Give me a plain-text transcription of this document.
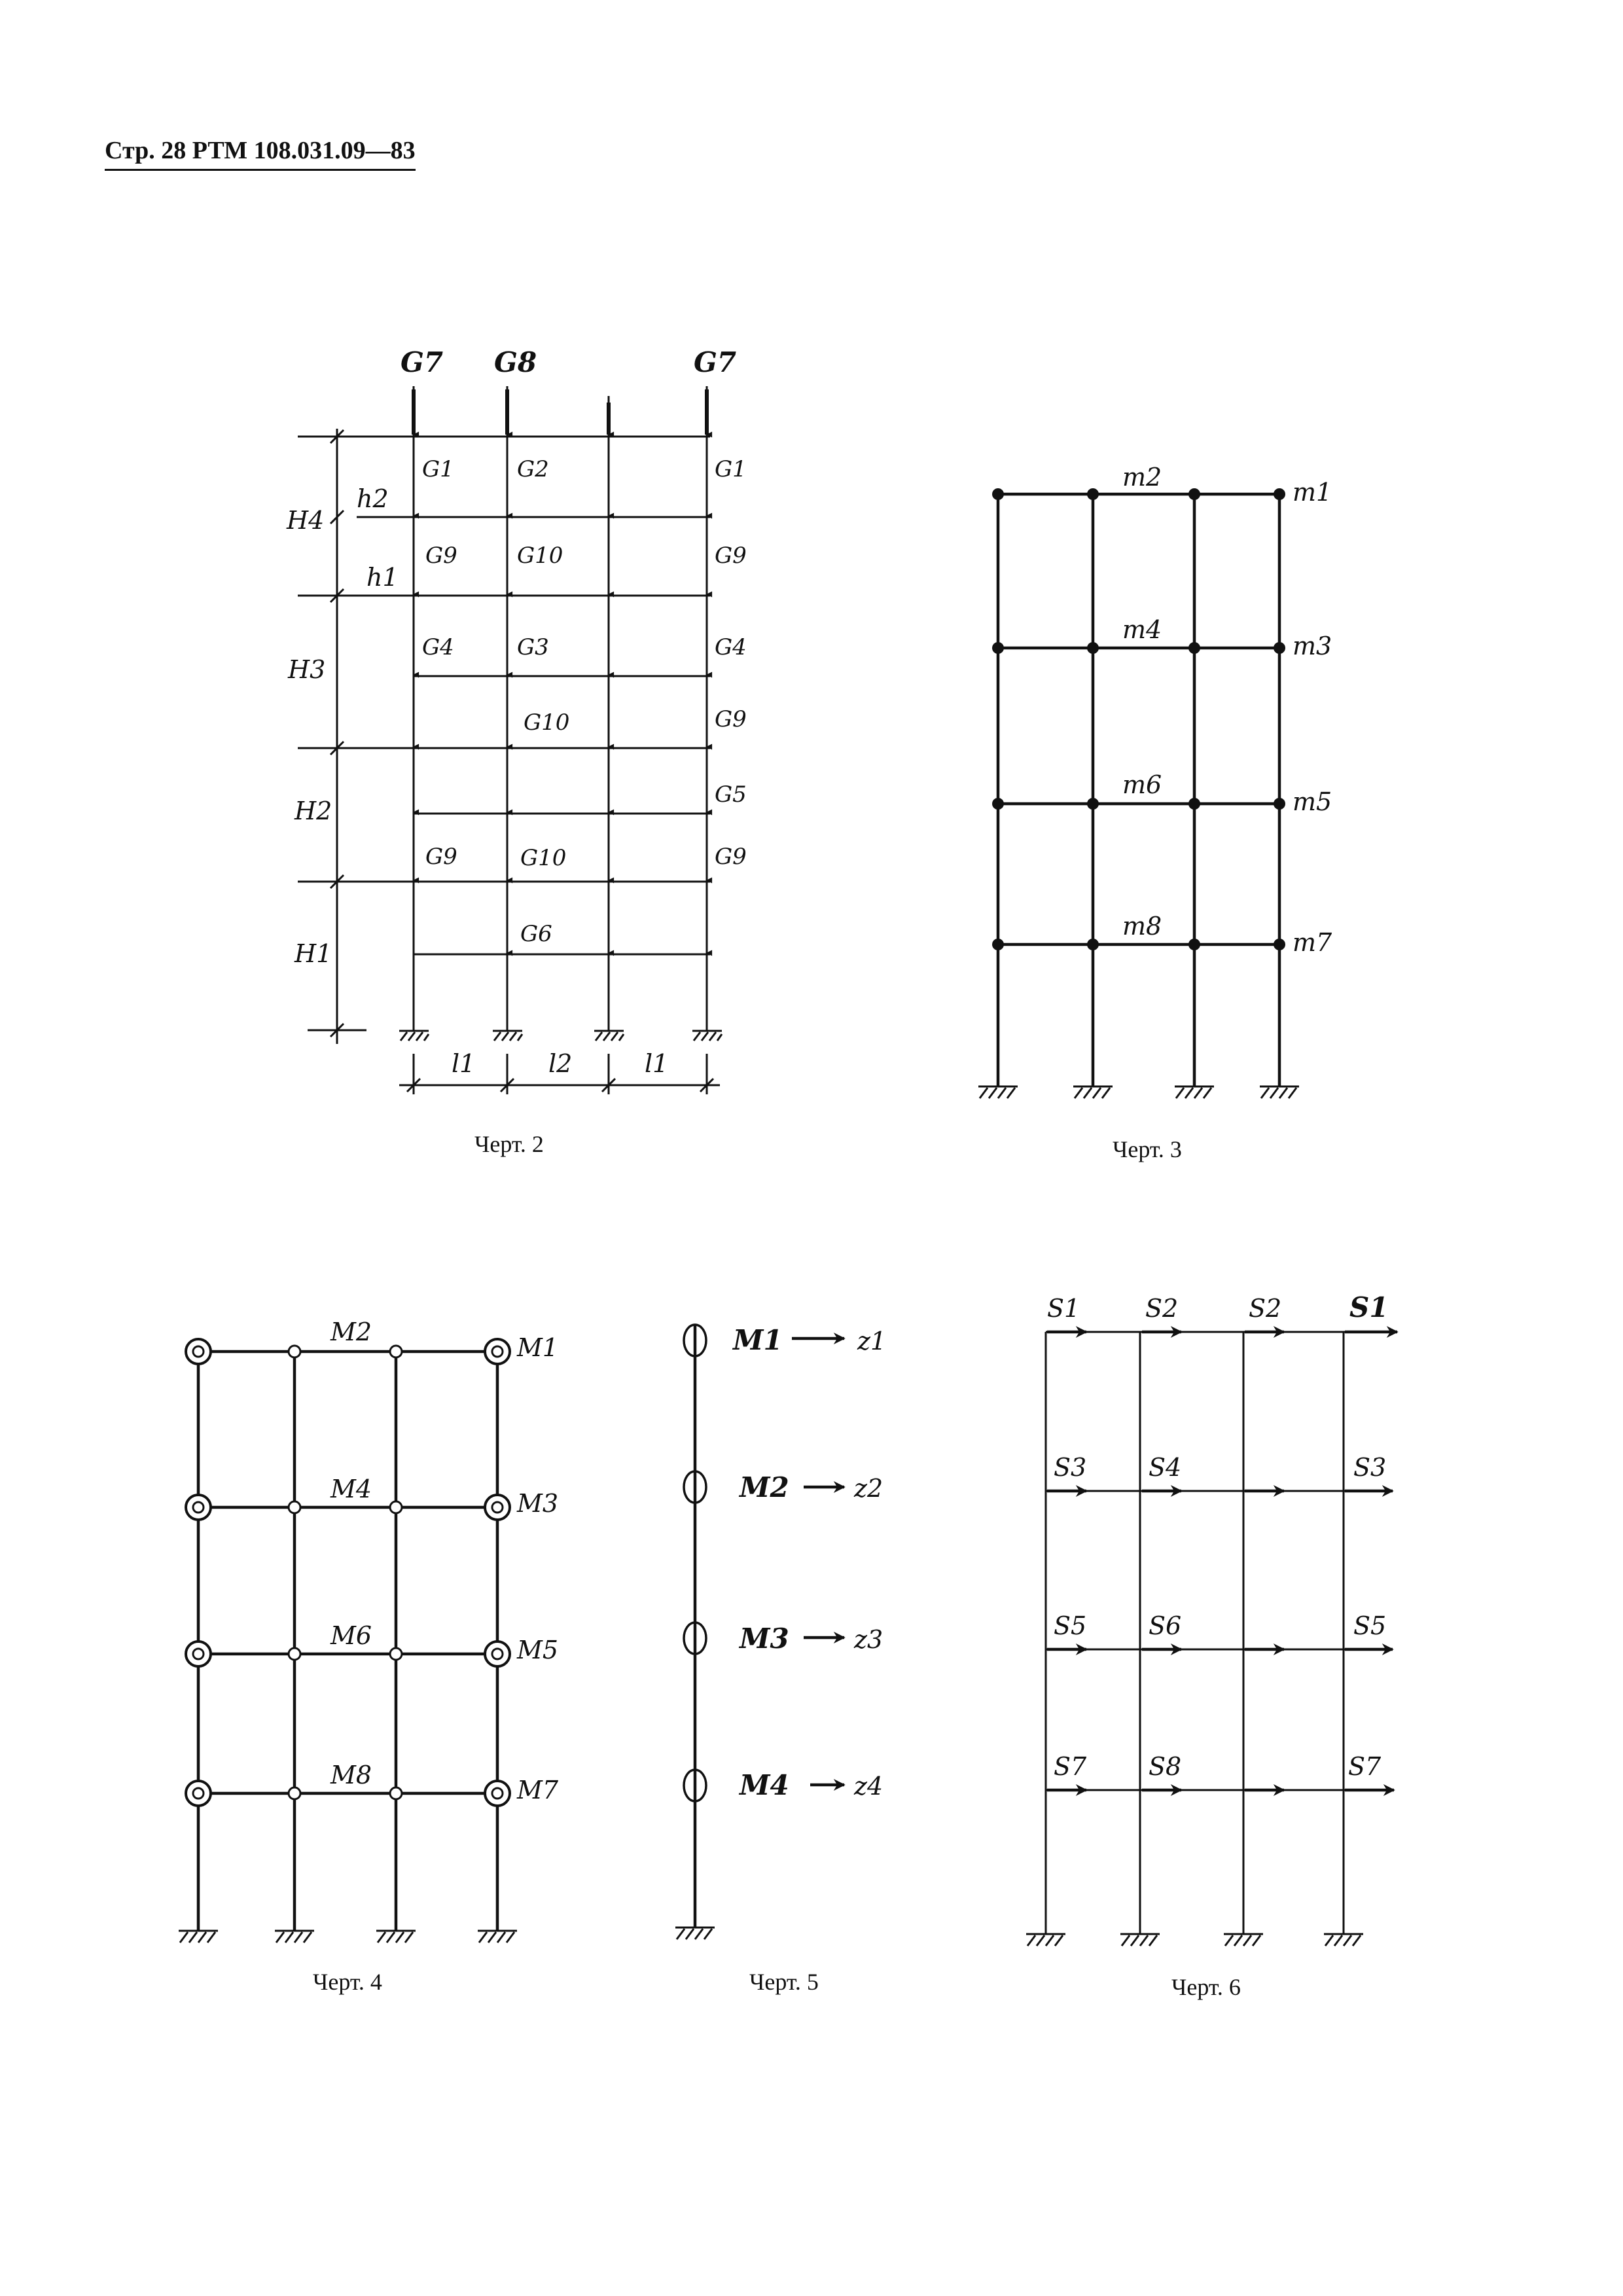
Стр. 28 РТМ 108.031.09—83
G7 G8	G7
G1	G2	G1
G9	G10	G9
G4	G3	G4
G10	G9
G5
G9	G10	G9
G6
H4
H3
H2
H1
h2
h1
l1	l2	l1
Черт. 2
m2
m1
m4
m3
m6
m5
m8
m7
Черт. 3
M2
M1
M4	M3
M6	M5
M8
M7
Черт. 4
M1	z1
M2	z2
M3	z3
M4	z4
Черт. 5
S1	S2	S2 S1
S3 S4	S3
S5 S6	S5
S7 S8	S7
Черт. 6
